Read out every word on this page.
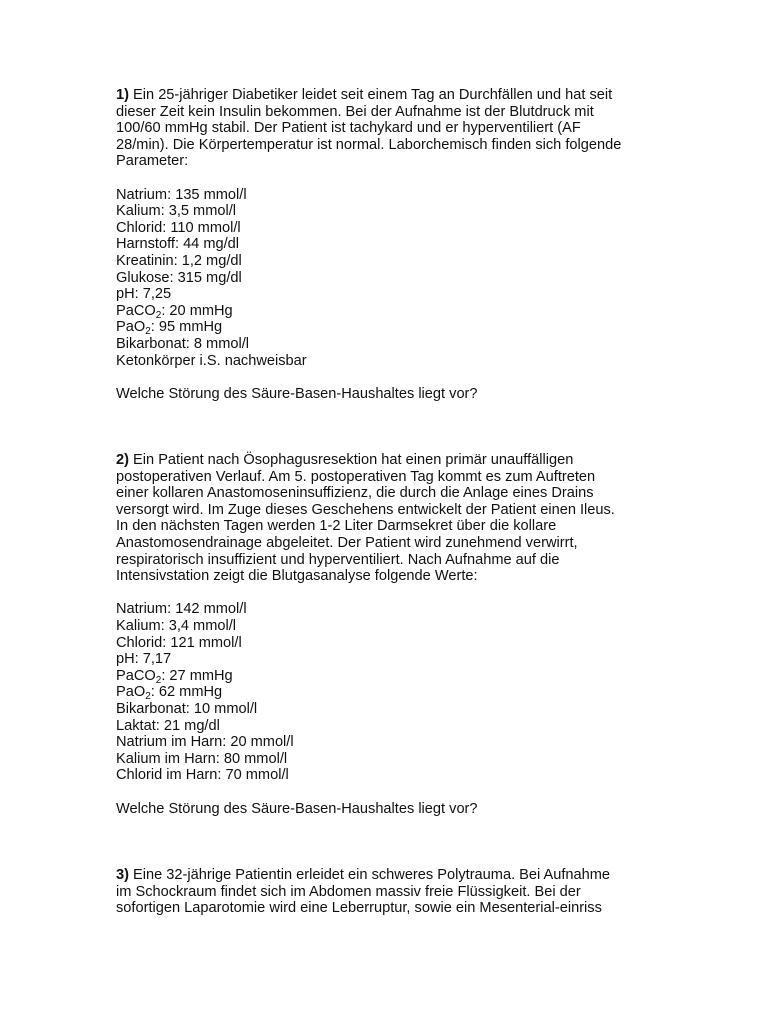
1) Ein 25-jähriger Diabetiker leidet seit einem Tag an Durchfällen und hat seit
dieser Zeit kein Insulin bekommen. Bei der Aufnahme ist der Blutdruck mit
100/60 mmHg stabil. Der Patient ist tachykard und er hyperventiliert (AF
28/min). Die Körpertemperatur ist normal. Laborchemisch finden sich folgende
Parameter:

Natrium: 135 mmol/l
Kalium: 3,5 mmol/l
Chlorid: 110 mmol/l
Harnstoff: 44 mg/dl
Kreatinin: 1,2 mg/dl
Glukose: 315 mg/dl
pH: 7,25
PaCO$_2$: 20 mmHg
PaO$_2$: 95 mmHg
Bikarbonat: 8 mmol/l
Ketonkörper i.S. nachweisbar

Welche Störung des Säure-Basen-Haushaltes liegt vor?

2) Ein Patient nach Ösophagusresektion hat einen primär unauffälligen
postoperativen Verlauf. Am 5. postoperativen Tag kommt es zum Auftreten
einer kollaren Anastomoseninsuffizienz, die durch die Anlage eines Drains
versorgt wird. Im Zuge dieses Geschehens entwickelt der Patient einen Ileus.
In den nächsten Tagen werden 1-2 Liter Darmsekret über die kollare
Anastomosendrainage abgeleitet. Der Patient wird zunehmend verwirrt,
respiratorisch insuffizient und hyperventiliert. Nach Aufnahme auf die
Intensivstation zeigt die Blutgasanalyse folgende Werte:

Natrium: 142 mmol/l
Kalium: 3,4 mmol/l
Chlorid: 121 mmol/l
pH: 7,17
PaCO$_2$: 27 mmHg
PaO$_2$: 62 mmHg
Bikarbonat: 10 mmol/l
Laktat: 21 mg/dl
Natrium im Harn: 20 mmol/l
Kalium im Harn: 80 mmol/l
Chlorid im Harn: 70 mmol/l

Welche Störung des Säure-Basen-Haushaltes liegt vor?

3) Eine 32-jährige Patientin erleidet ein schweres Polytrauma. Bei Aufnahme
im Schockraum findet sich im Abdomen massiv freie Flüssigkeit. Bei der
sofortigen Laparotomie wird eine Leberruptur, sowie ein Mesenterial-einriss
